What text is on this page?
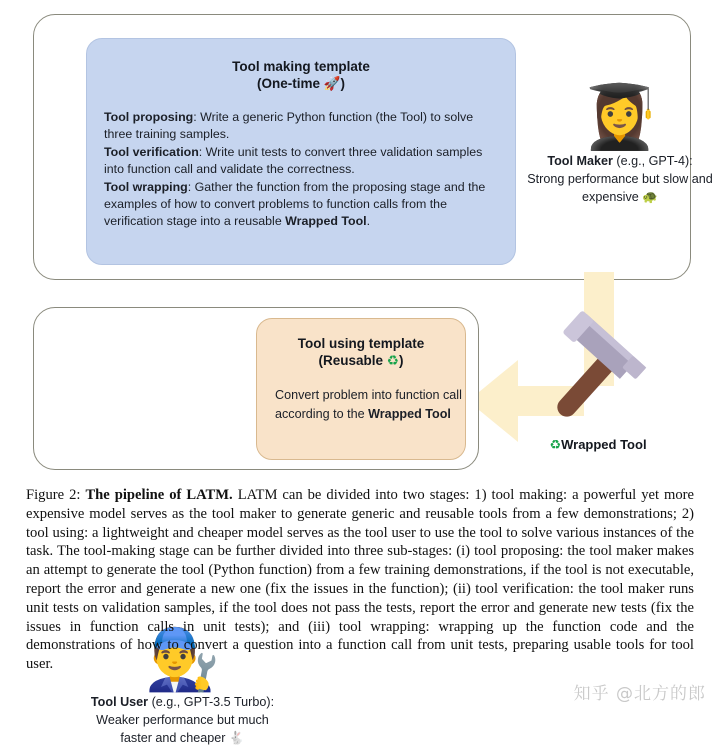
Tool making template
(One-time 🚀)
Tool proposing: Write a generic Python function (the Tool) to solve three training samples.
Tool verification: Write unit tests to convert three validation samples into function call and validate the correctness.
Tool wrapping: Gather the function from the proposing stage and the examples of how to convert problems to function calls from the verification stage into a reusable Wrapped Tool.
👩‍🎓
Tool Maker (e.g., GPT-4):
Strong performance but slow and expensive 🐢
♻Wrapped Tool
👨‍🔧
Tool User (e.g., GPT-3.5 Turbo):
Weaker performance but much faster and cheaper 🐇
Tool using template
(Reusable ♻)
Convert problem into function call according to the Wrapped Tool
Figure 2: The pipeline of LATM. LATM can be divided into two stages: 1) tool making: a powerful yet more expensive model serves as the tool maker to generate generic and reusable tools from a few demonstrations; 2) tool using: a lightweight and cheaper model serves as the tool user to use the tool to solve various instances of the task. The tool-making stage can be further divided into three sub-stages: (i) tool proposing: the tool maker makes an attempt to generate the tool (Python function) from a few training demonstrations, if the tool is not executable, report the error and generate a new one (fix the issues in the function); (ii) tool verification: the tool maker runs unit tests on validation samples, if the tool does not pass the tests, report the error and generate new tests (fix the issues in function calls in unit tests); and (iii) tool wrapping: wrapping up the function code and the demonstrations of how to convert a question into a function call from unit tests, preparing usable tools for tool user.
知乎 @北方的郎
